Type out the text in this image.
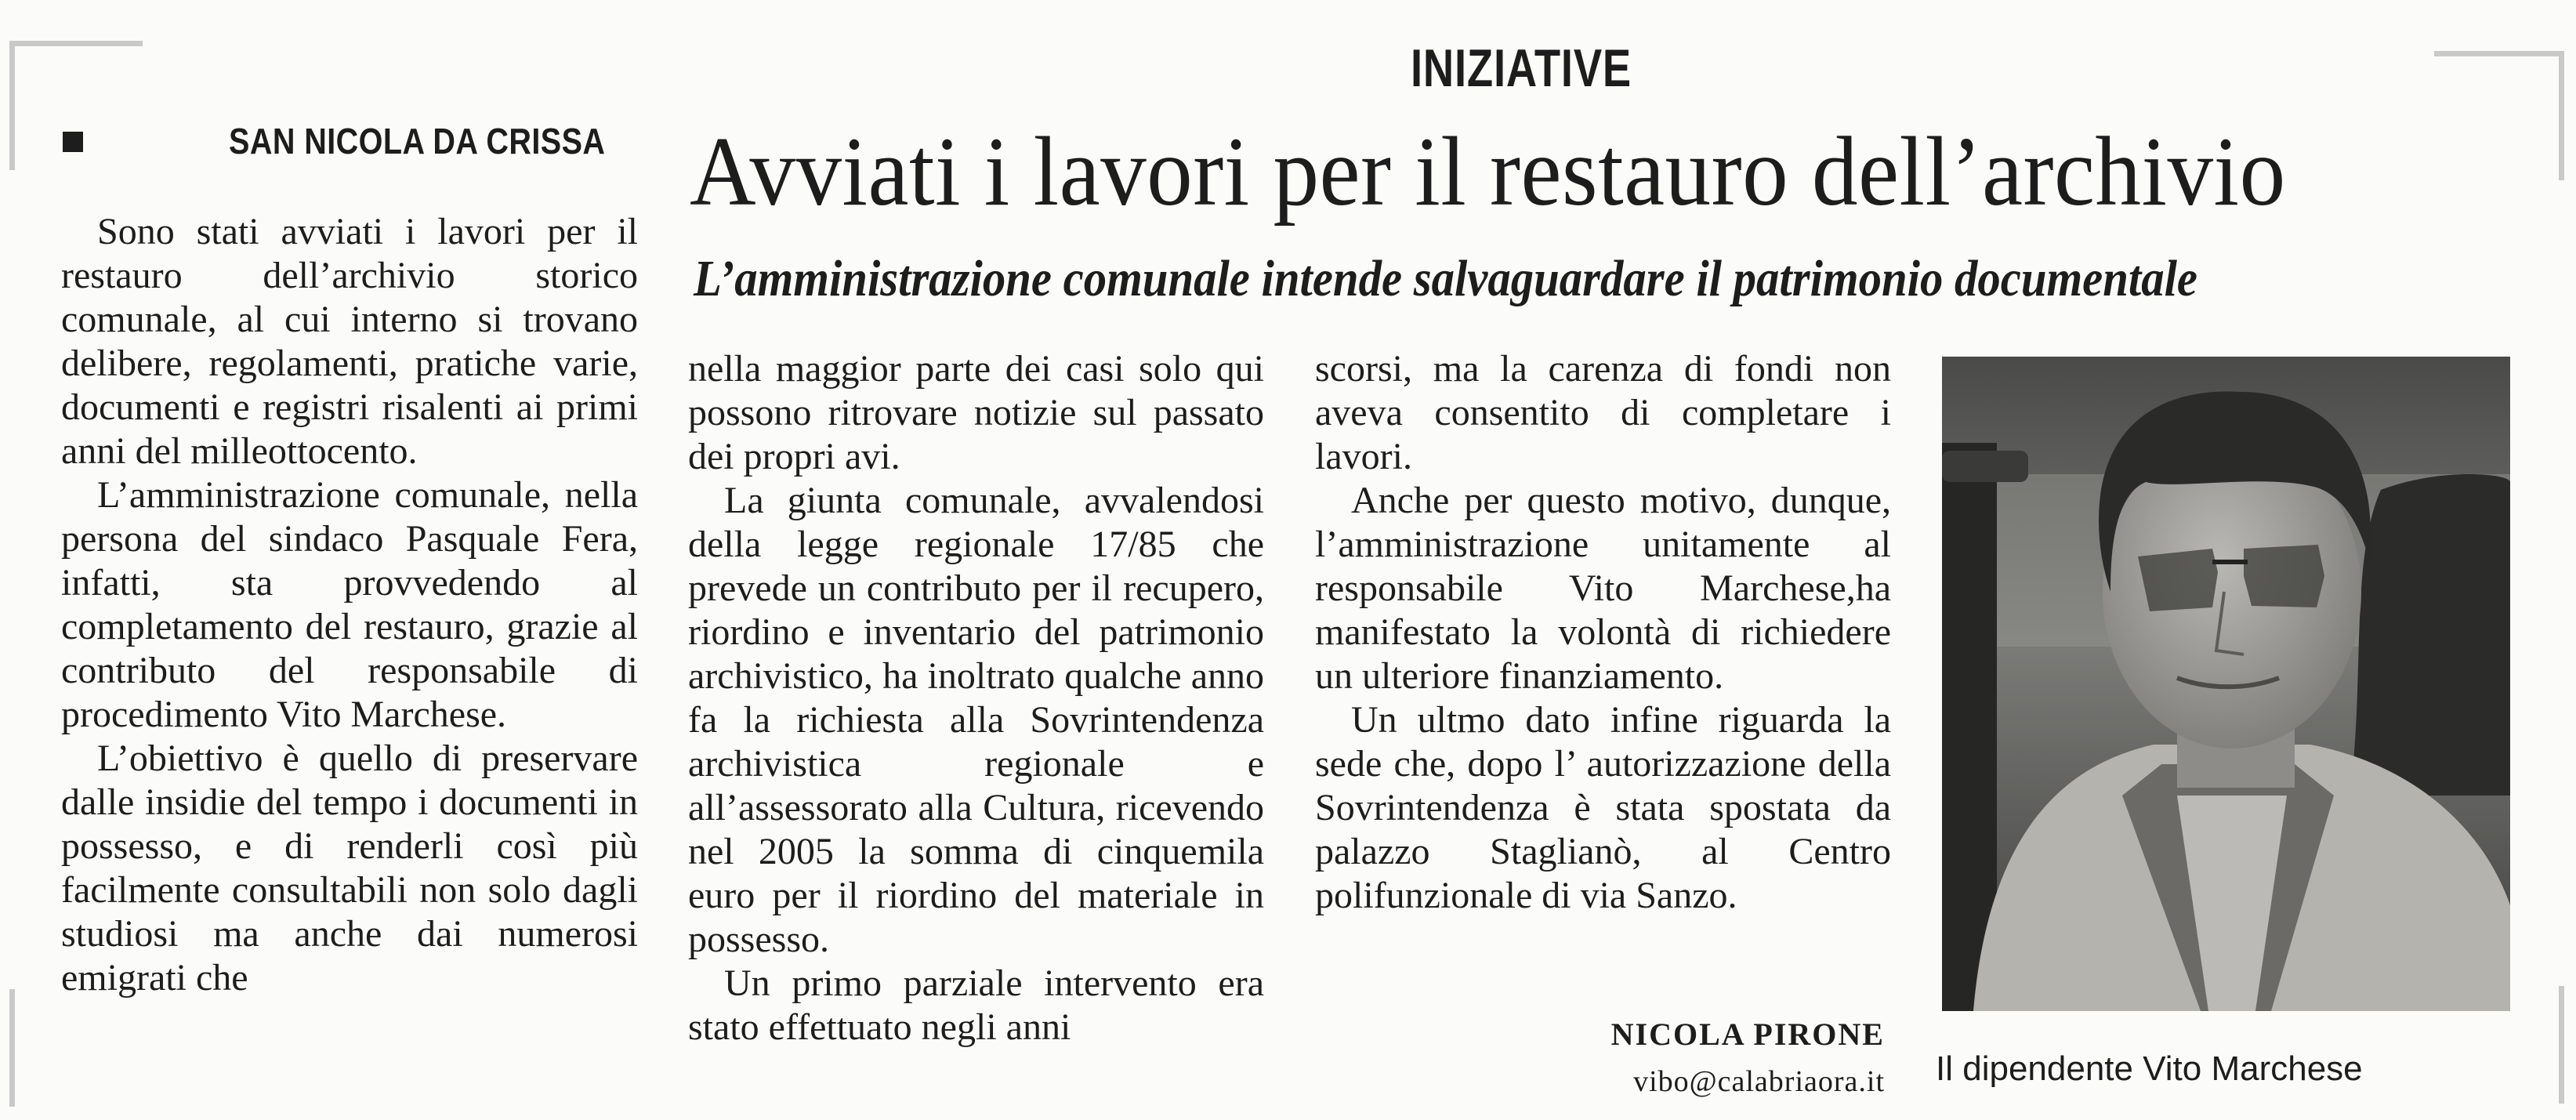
INIZIATIVE
SAN NICOLA DA CRISSA Avviati i lavori per il restauro dell’archivio
L’amministrazione comunale intende salvaguardare il patrimonio documentale

Sono stati avviati i lavori per il restauro dell’archivio storico comunale, al cui interno si trovano delibere, regolamenti, pratiche varie, documenti e registri risalenti ai primi anni del milleottocento.

L’amministrazione comunale, nella persona del sindaco Pasquale Fera, infatti, sta provvedendo al completamento del restauro, grazie al contributo del responsabile di procedimento Vito Marchese.

L’obiettivo è quello di preservare dalle insidie del tempo i documenti in possesso, e di renderli così più facilmente consultabili non solo dagli studiosi ma anche dai numerosi emigrati che

nella maggior parte dei casi solo qui possono ritrovare notizie sul passato dei propri avi.

La giunta comunale, avvalendosi della legge regionale 17/85 che prevede un contributo per il recupero, riordino e inventario del patrimonio archivistico, ha inoltrato qualche anno fa la richiesta alla Sovrintendenza archivistica regionale e all’assessorato alla Cultura, ricevendo nel 2005 la somma di cinquemila euro per il riordino del materiale in possesso.

Un primo parziale intervento era stato effettuato negli anni

scorsi, ma la carenza di fondi non aveva consentito di completare i lavori.

Anche per questo motivo, dunque, l’amministrazione unitamente al responsabile Vito Marchese,ha manifestato la volontà di richiedere un ulteriore finanziamento.

Un ultmo dato infine riguarda la sede che, dopo l’ autorizzazione della Sovrintendenza è stata spostata da palazzo Staglianò, al Centro polifunzionale di via Sanzo.

NICOLA PIRONE
vibo@calabriaora.it Il dipendente Vito Marchese
